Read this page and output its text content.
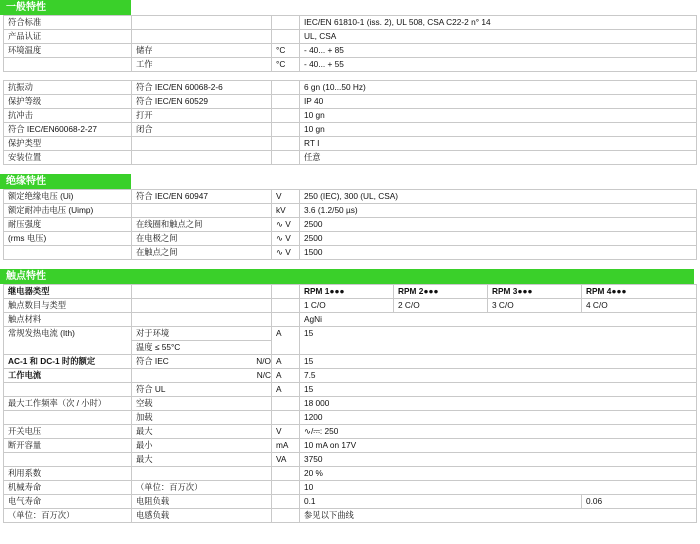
一般特性
符合标准			IEC/EN 61810-1 (iss. 2), UL 508, CSA C22-2 n° 14
产品认证			UL, CSA
环境温度	储存	°C	- 40... + 85
	工作	°C	- 40... + 55

抗振动	符合 IEC/EN 60068-2-6		6 gn (10...50 Hz)
保护等级	符合 IEC/EN 60529		IP 40
抗冲击	打开		10 gn
符合 IEC/EN60068-2-27	闭合		10 gn
保护类型			RT I
安装位置			任意
绝缘特性
额定绝缘电压 (Ui)	符合 IEC/EN 60947	V	250 (IEC), 300 (UL, CSA)
额定耐冲击电压 (Uimp)		kV	3.6 (1.2/50 µs)
耐压强度	在线圈和触点之间	∿ V	2500
(rms 电压)	在电极之间	∿ V	2500
	在触点之间	∿ V	1500
触点特性
继电器类型			RPM 1●●●	RPM 2●●●	RPM 3●●●	RPM 4●●●
触点数目与类型			1 C/O	2 C/O	3 C/O	4 C/O
触点材料			AgNi			
常规发热电流 (Ith)	对于环境	A	15			
	温度 ≤ 55°C					
AC-1 和 DC-1 时的额定	符合 IEC N/O	A	15			
工作电流	N/C	A	7.5			
	符合 UL	A	15			
最大工作频率（次 / 小时）	空载		18 000			
	加载		1200			
开关电压	最大	V	∿/⎓: 250			
断开容量	最小	mA	10 mA on 17V			
	最大	VA	3750			
利用系数			20 %			
机械寿命	（单位：百万次）		10			
电气寿命	电阻负载		0.1			0.06
（单位：百万次）	电感负载		参见以下曲线			
